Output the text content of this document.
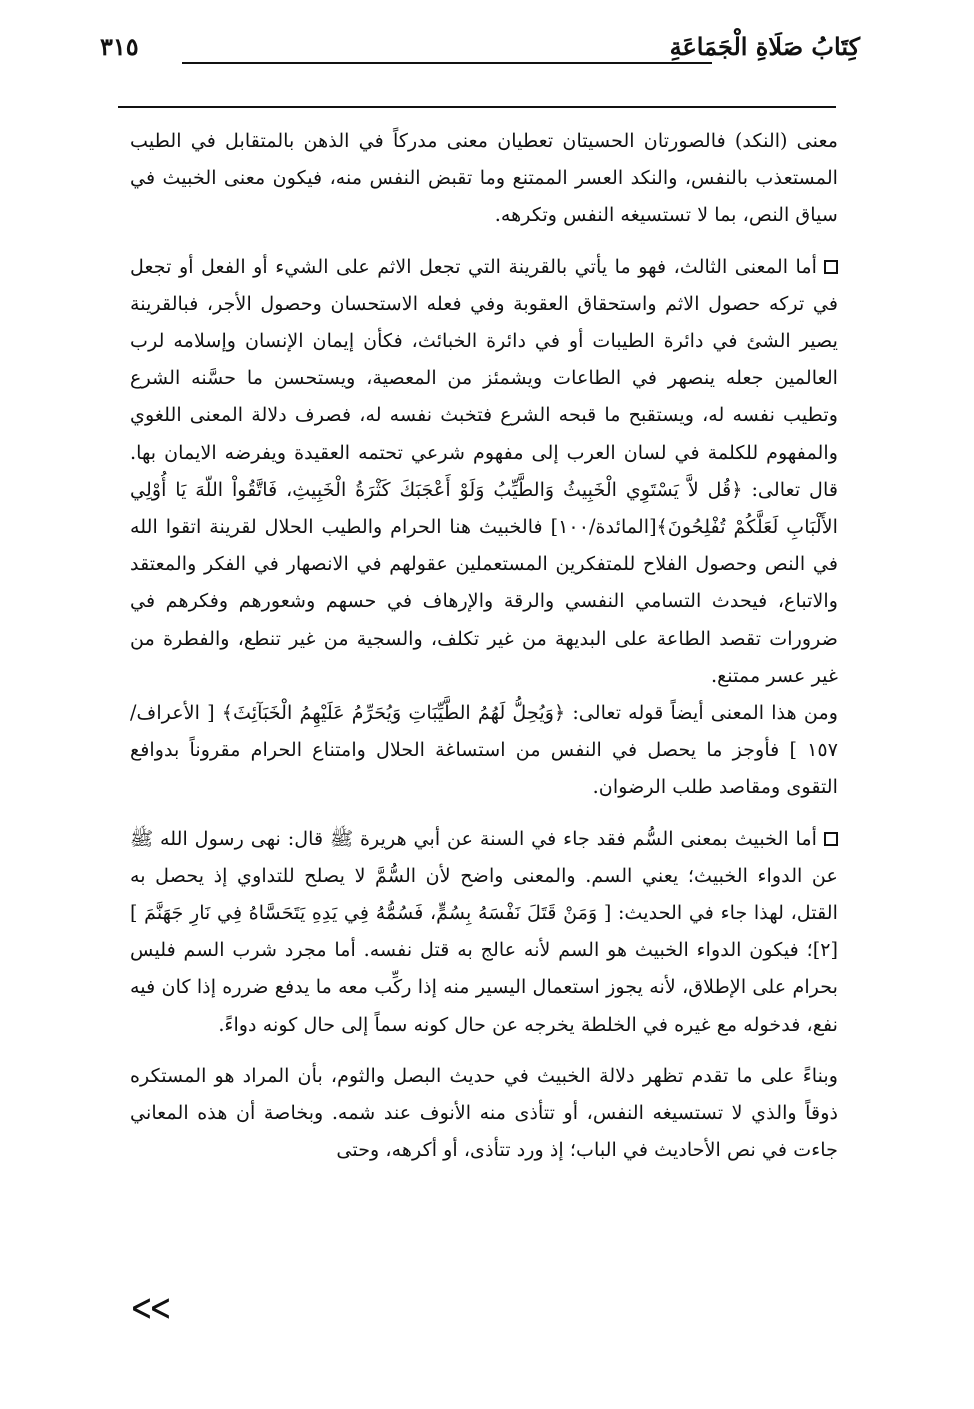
كِتَابُ صَلَاةِ الْجَمَاعَةِ
٣١٥

معنى (النكد) فالصورتان الحسيتان تعطيان معنى مدركاً في الذهن بالمتقابل في الطيب المستعذب بالنفس، والنكد العسر الممتنع وما تقبض النفس منه، فيكون معنى الخبيث في سياق النص، بما لا تستسيغه النفس وتكرهه.

أما المعنى الثالث، فهو ما يأتي بالقرينة التي تجعل الاثم على الشيء أو الفعل أو تجعل في تركه حصول الاثم واستحقاق العقوبة وفي فعله الاستحسان وحصول الأجر، فبالقرينة يصير الشئ في دائرة الطيبات أو في دائرة الخبائث، فكأن إيمان الإنسان وإسلامه لرب العالمين جعله ينصهر في الطاعات ويشمئز من المعصية، ويستحسن ما حسَّنه الشرع وتطيب نفسه له، ويستقبح ما قبحه الشرع فتخبث نفسه له، فصرف دلالة المعنى اللغوي والمفهوم للكلمة في لسان العرب إلى مفهوم شرعي تحتمه العقيدة ويفرضه الايمان بها. قال تعالى: ﴿قُل لاَّ يَسْتَوِي الْخَبِيثُ وَالطَّيِّبُ وَلَوْ أَعْجَبَكَ كَثْرَةُ الْخَبِيثِ، فَاتَّقُواْ اللّهَ يَا أُوْلِي الأَلْبَابِ لَعَلَّكُمْ تُفْلِحُونَ﴾[المائدة/١٠٠] فالخبيث هنا الحرام والطيب الحلال لقرينة اتقوا الله في النص وحصول الفلاح للمتفكرين المستعملين عقولهم في الانصهار في الفكر والمعتقد والاتباع، فيحدث التسامي النفسي والرقة والإرهاف في حسهم وشعورهم وفكرهم في ضرورات تقصد الطاعة على البديهة من غير تكلف، والسجية من غير تنطع، والفطرة من غير عسر ممتنع.

ومن هذا المعنى أيضاً قوله تعالى: ﴿وَيُحِلُّ لَهُمُ الطَّيِّبَاتِ وَيُحَرِّمُ عَلَيْهِمُ الْخَبَآئِثَ﴾ [ الأعراف/١٥٧ ] فأوجز ما يحصل في النفس من استساغة الحلال وامتناع الحرام مقروناً بدوافع التقوى ومقاصد طلب الرضوان.

أما الخبيث بمعنى السُّم فقد جاء في السنة عن أبي هريرة ﷺ قال: نهى رسول الله ﷺ عن الدواء الخبيث؛ يعني السم. والمعنى واضح لأن السُّمَّ لا يصلح للتداوي إذ يحصل به القتل، لهذا جاء في الحديث: [ وَمَنْ قَتَلَ نَفْسَهُ بِسُمٍّ، فَسُمُّهُ فِي يَدِهِ يَتَحَسَّاهُ فِي نَارِ جَهَنَّمَ ] [٢]؛ فيكون الدواء الخبيث هو السم لأنه عالج به قتل نفسه. أما مجرد شرب السم فليس بحرام على الإطلاق، لأنه يجوز استعمال اليسير منه إذا ركِّب معه ما يدفع ضرره إذا كان فيه نفع، فدخوله مع غيره في الخلطة يخرجه عن حال كونه سماً إلى حال كونه دواءً.

وبناءً على ما تقدم تظهر دلالة الخبيث في حديث البصل والثوم، بأن المراد هو المستكره ذوقاً والذي لا تستسيغه النفس، أو تتأذى منه الأنوف عند شمه. وبخاصة أن هذه المعاني جاءت في نص الأحاديث في الباب؛ إذ ورد تتأذى، أو أكرهه، وحتى

ᐸᐸ
